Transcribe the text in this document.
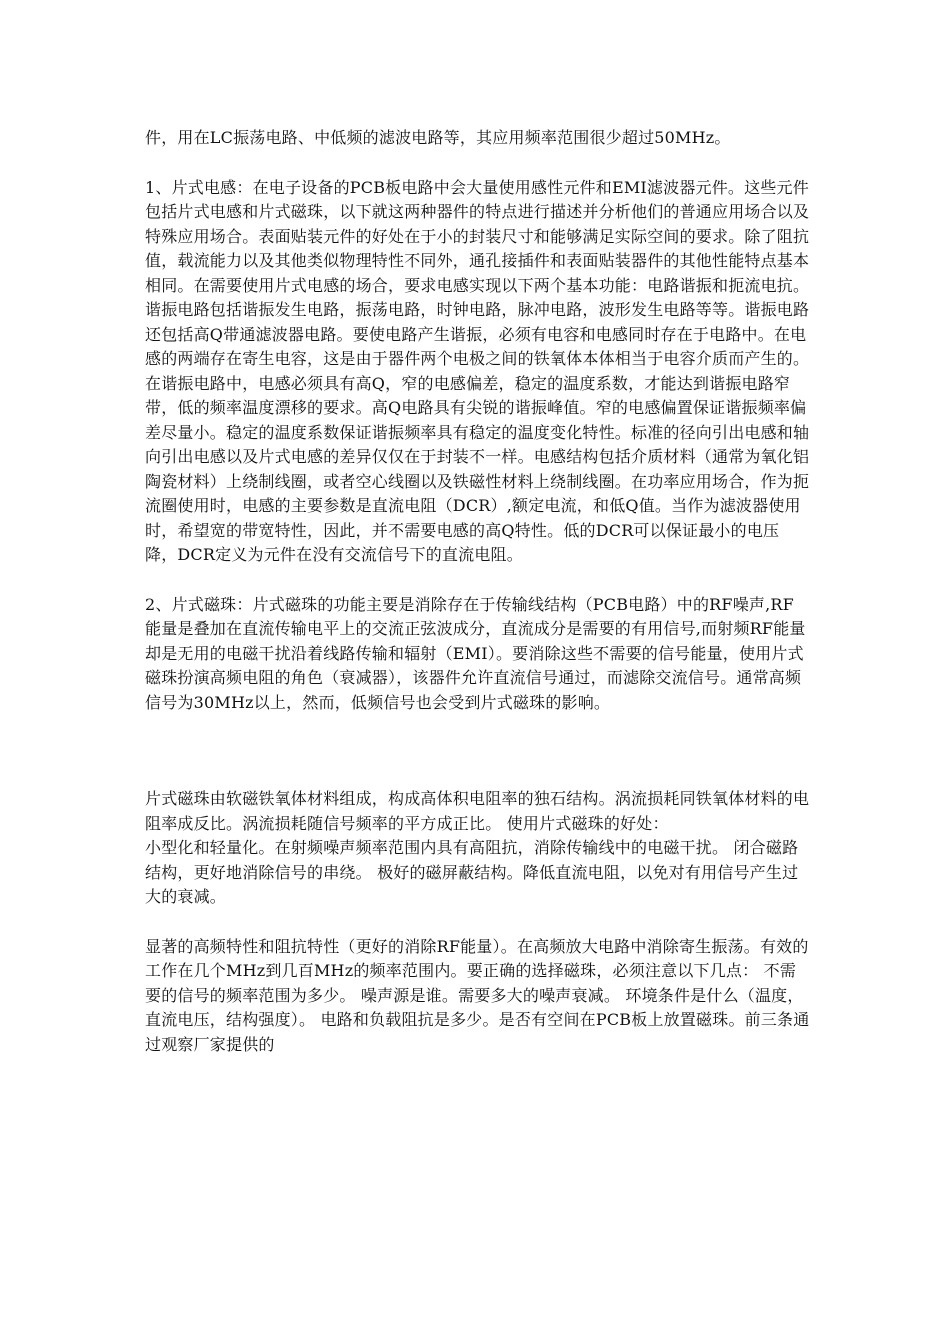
件，用在LC振荡电路、中低频的滤波电路等，其应用频率范围很少超过50MHz。

1、片式电感：在电子设备的PCB板电路中会大量使用感性元件和EMI滤波器元件。这些元件包括片式电感和片式磁珠，以下就这两种器件的特点进行描述并分析他们的普通应用场合以及特殊应用场合。表面贴装元件的好处在于小的封装尺寸和能够满足实际空间的要求。除了阻抗值，载流能力以及其他类似物理特性不同外，通孔接插件和表面贴装器件的其他性能特点基本相同。在需要使用片式电感的场合，要求电感实现以下两个基本功能：电路谐振和扼流电抗。谐振电路包括谐振发生电路，振荡电路，时钟电路，脉冲电路，波形发生电路等等。谐振电路还包括高Q带通滤波器电路。要使电路产生谐振，必须有电容和电感同时存在于电路中。在电感的两端存在寄生电容，这是由于器件两个电极之间的铁氧体本体相当于电容介质而产生的。在谐振电路中，电感必须具有高Q，窄的电感偏差，稳定的温度系数，才能达到谐振电路窄带，低的频率温度漂移的要求。高Q电路具有尖锐的谐振峰值。窄的电感偏置保证谐振频率偏差尽量小。稳定的温度系数保证谐振频率具有稳定的温度变化特性。标准的径向引出电感和轴向引出电感以及片式电感的差异仅仅在于封装不一样。电感结构包括介质材料（通常为氧化铝陶瓷材料）上绕制线圈，或者空心线圈以及铁磁性材料上绕制线圈。在功率应用场合，作为扼流圈使用时，电感的主要参数是直流电阻（DCR）,额定电流，和低Q值。当作为滤波器使用时，希望宽的带宽特性，因此，并不需要电感的高Q特性。低的DCR可以保证最小的电压降，DCR定义为元件在没有交流信号下的直流电阻。

2、片式磁珠：片式磁珠的功能主要是消除存在于传输线结构（PCB电路）中的RF噪声,RF能量是叠加在直流传输电平上的交流正弦波成分，直流成分是需要的有用信号,而射频RF能量却是无用的电磁干扰沿着线路传输和辐射（EMI）。要消除这些不需要的信号能量，使用片式磁珠扮演高频电阻的角色（衰减器），该器件允许直流信号通过，而滤除交流信号。通常高频信号为30MHz以上，然而，低频信号也会受到片式磁珠的影响。

片式磁珠由软磁铁氧体材料组成，构成高体积电阻率的独石结构。涡流损耗同铁氧体材料的电阻率成反比。涡流损耗随信号频率的平方成正比。 使用片式磁珠的好处：

小型化和轻量化。在射频噪声频率范围内具有高阻抗，消除传输线中的电磁干扰。 闭合磁路结构，更好地消除信号的串绕。 极好的磁屏蔽结构。降低直流电阻，以免对有用信号产生过大的衰减。

显著的高频特性和阻抗特性（更好的消除RF能量）。在高频放大电路中消除寄生振荡。有效的工作在几个MHz到几百MHz的频率范围内。要正确的选择磁珠，必须注意以下几点： 不需要的信号的频率范围为多少。 噪声源是谁。需要多大的噪声衰减。 环境条件是什么（温度，直流电压，结构强度）。 电路和负载阻抗是多少。是否有空间在PCB板上放置磁珠。前三条通过观察厂家提供的
